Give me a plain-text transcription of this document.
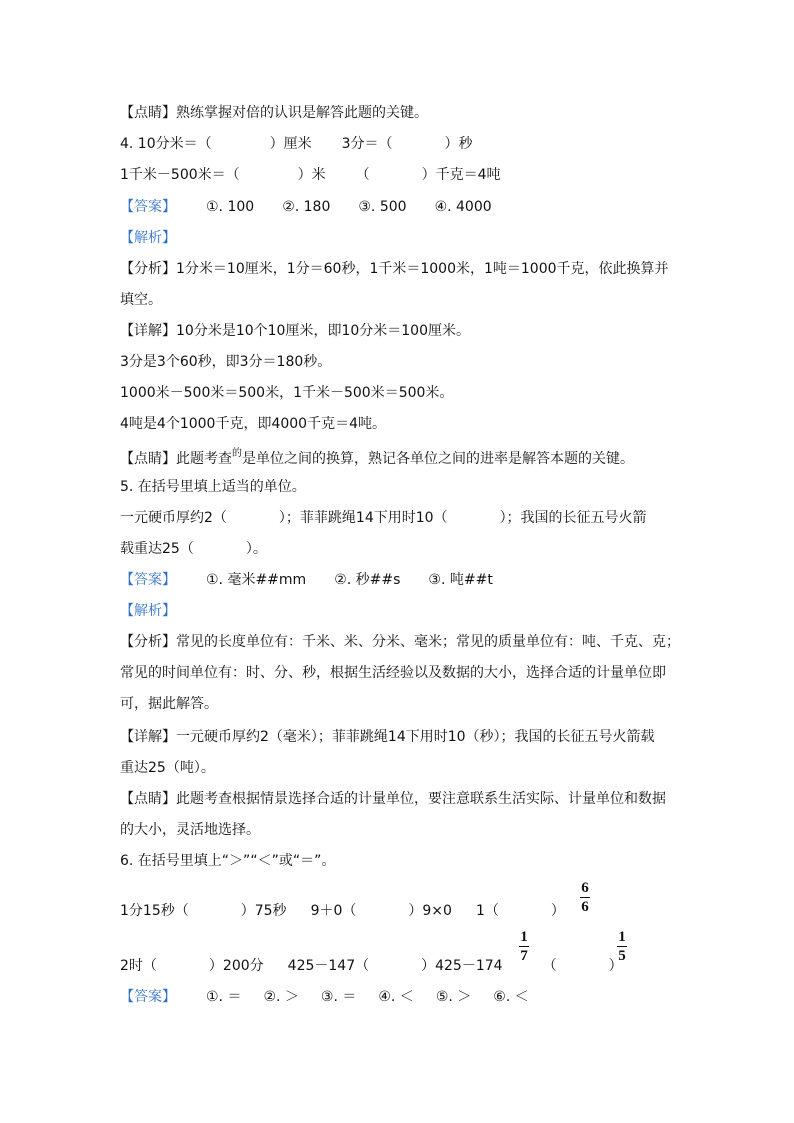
【点睛】熟练掌握对倍的认识是解答此题的关键。
4. 10分米＝（	）厘米 3分＝（	）秒
1千米－500米＝（	）米 （	）千克＝4吨
【答案】 ①. 100 ②. 180 ③. 500 ④. 4000
【解析】
【分析】1分米＝10厘米，1分＝60秒，1千米＝1000米，1吨＝1000千克，依此换算并
填空。
【详解】10分米是10个10厘米，即10分米＝100厘米。
3分是3个60秒，即3分＝180秒。
1000米－500米＝500米，1千米－500米＝500米。
4吨是4个1000千克，即4000千克＝4吨。
【点睛】此题考查$^的$是单位之间的换算，熟记各单位之间的进率是解答本题的关键。
5. 在括号里填上适当的单位。
一元硬币厚约2（	）；菲菲跳绳14下用时10（	）；我国的长征五号火箭
载重达25（	）。
【答案】 ①. 毫米##mm ②. 秒##s ③. 吨##t
【解析】
【分析】常见的长度单位有：千米、米、分米、毫米；常见的质量单位有：吨、千克、克；
常见的时间单位有：时、分、秒，根据生活经验以及数据的大小，选择合适的计量单位即
可，据此解答。
【详解】一元硬币厚约2（毫米）；菲菲跳绳14下用时10（秒）；我国的长征五号火箭载
重达25（吨）。
【点睛】此题考查根据情景选择合适的计量单位，要注意联系生活实际、计量单位和数据
的大小，灵活地选择。
6. 在括号里填上“＞”“＜”或“＝”。
1分15秒（	）75秒 9＋0（	）9×0 1（	）
6
6
2时（	）200分 425－147（	）425－174	（	）
1
7
1
5
【答案】 ①. ＝ ②. ＞ ③. ＝ ④. ＜ ⑤. ＞ ⑥. ＜
